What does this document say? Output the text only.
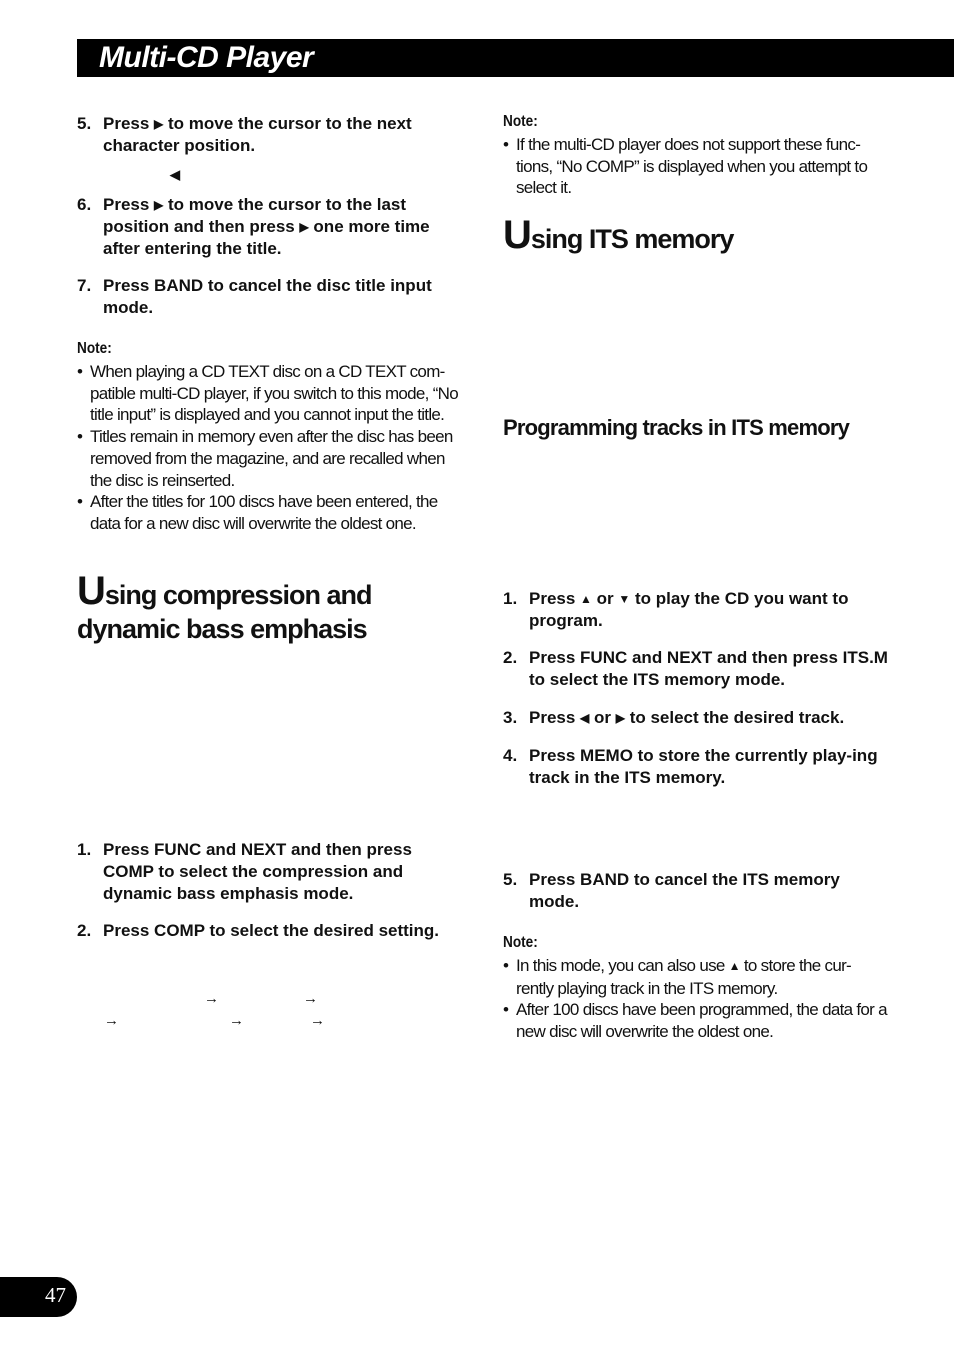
Multi-CD Player
5. Press ▶ to move the cursor to the next character position.
◀
6. Press ▶ to move the cursor to the last position and then press ▶ one more time after entering the title.
7. Press BAND to cancel the disc title input mode.
Note:
• When playing a CD TEXT disc on a CD TEXT com-patible multi-CD player, if you switch to this mode, “No title input” is displayed and you cannot input the title.
• Titles remain in memory even after the disc has been removed from the magazine, and are recalled when the disc is reinserted.
• After the titles for 100 discs have been entered, the data for a new disc will overwrite the oldest one.
Using compression and dynamic bass emphasis
1. Press FUNC and NEXT and then press COMP to select the compression and dynamic bass emphasis mode.
2. Press COMP to select the desired setting.
→	→
→	→	→
Note:
• If the multi-CD player does not support these func-tions, “No COMP” is displayed when you attempt to select it.
Using ITS memory
Programming tracks in ITS memory
1. Press ▲ or ▼ to play the CD you want to program.
2. Press FUNC and NEXT and then press ITS.M to select the ITS memory mode.
3. Press ◀ or ▶ to select the desired track.
4. Press MEMO to store the currently play-ing track in the ITS memory.
5. Press BAND to cancel the ITS memory mode.
Note:
• In this mode, you can also use ▲ to store the cur-rently playing track in the ITS memory.
• After 100 discs have been programmed, the data for a new disc will overwrite the oldest one.
47
